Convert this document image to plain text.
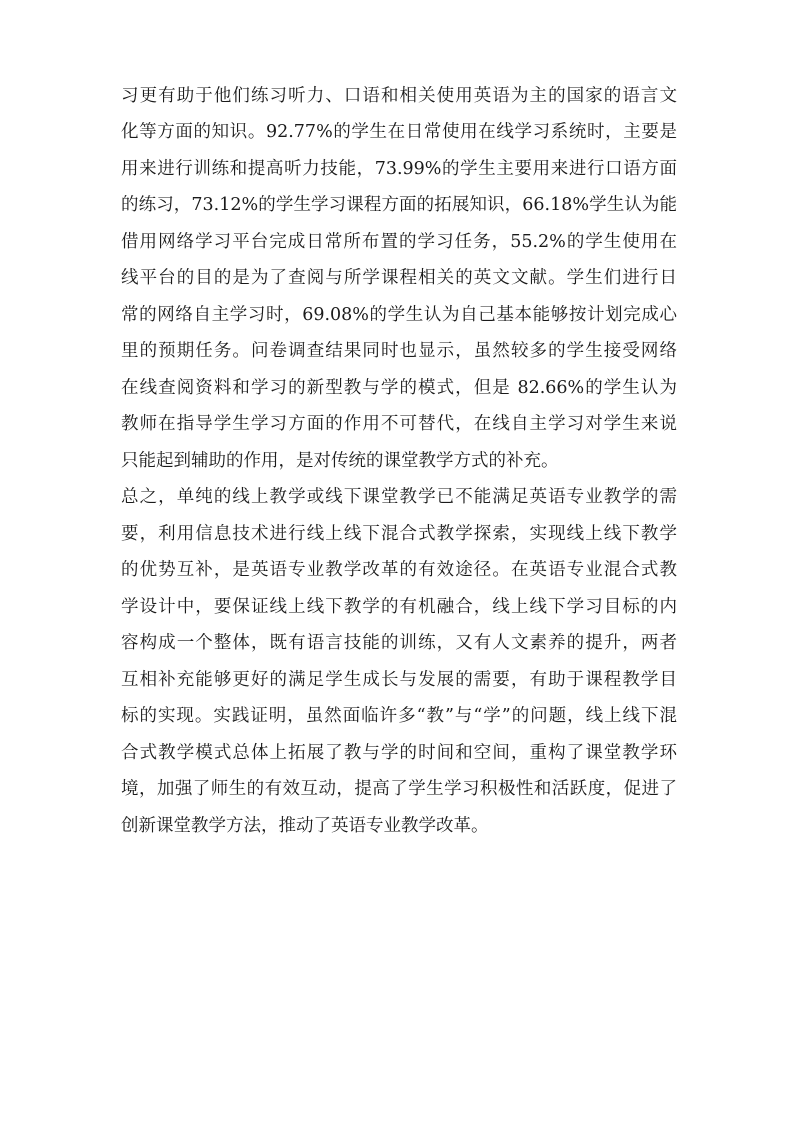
习更有助于他们练习听力、口语和相关使用英语为主的国家的语言文
化等方面的知识。92.77%的学生在日常使用在线学习系统时，主要是
用来进行训练和提高听力技能，73.99%的学生主要用来进行口语方面
的练习，73.12%的学生学习课程方面的拓展知识，66.18%学生认为能
借用网络学习平台完成日常所布置的学习任务，55.2%的学生使用在
线平台的目的是为了查阅与所学课程相关的英文文献。学生们进行日
常的网络自主学习时，69.08%的学生认为自己基本能够按计划完成心
里的预期任务。问卷调查结果同时也显示，虽然较多的学生接受网络
在线查阅资料和学习的新型教与学的模式，但是 82.66%的学生认为
教师在指导学生学习方面的作用不可替代，在线自主学习对学生来说
只能起到辅助的作用，是对传统的课堂教学方式的补充。
总之，单纯的线上教学或线下课堂教学已不能满足英语专业教学的需
要，利用信息技术进行线上线下混合式教学探索，实现线上线下教学
的优势互补，是英语专业教学改革的有效途径。在英语专业混合式教
学设计中，要保证线上线下教学的有机融合，线上线下学习目标的内
容构成一个整体，既有语言技能的训练，又有人文素养的提升，两者
互相补充能够更好的满足学生成长与发展的需要，有助于课程教学目
标的实现。实践证明，虽然面临许多“教”与“学”的问题，线上线下混
合式教学模式总体上拓展了教与学的时间和空间，重构了课堂教学环
境，加强了师生的有效互动，提高了学生学习积极性和活跃度，促进了
创新课堂教学方法，推动了英语专业教学改革。
